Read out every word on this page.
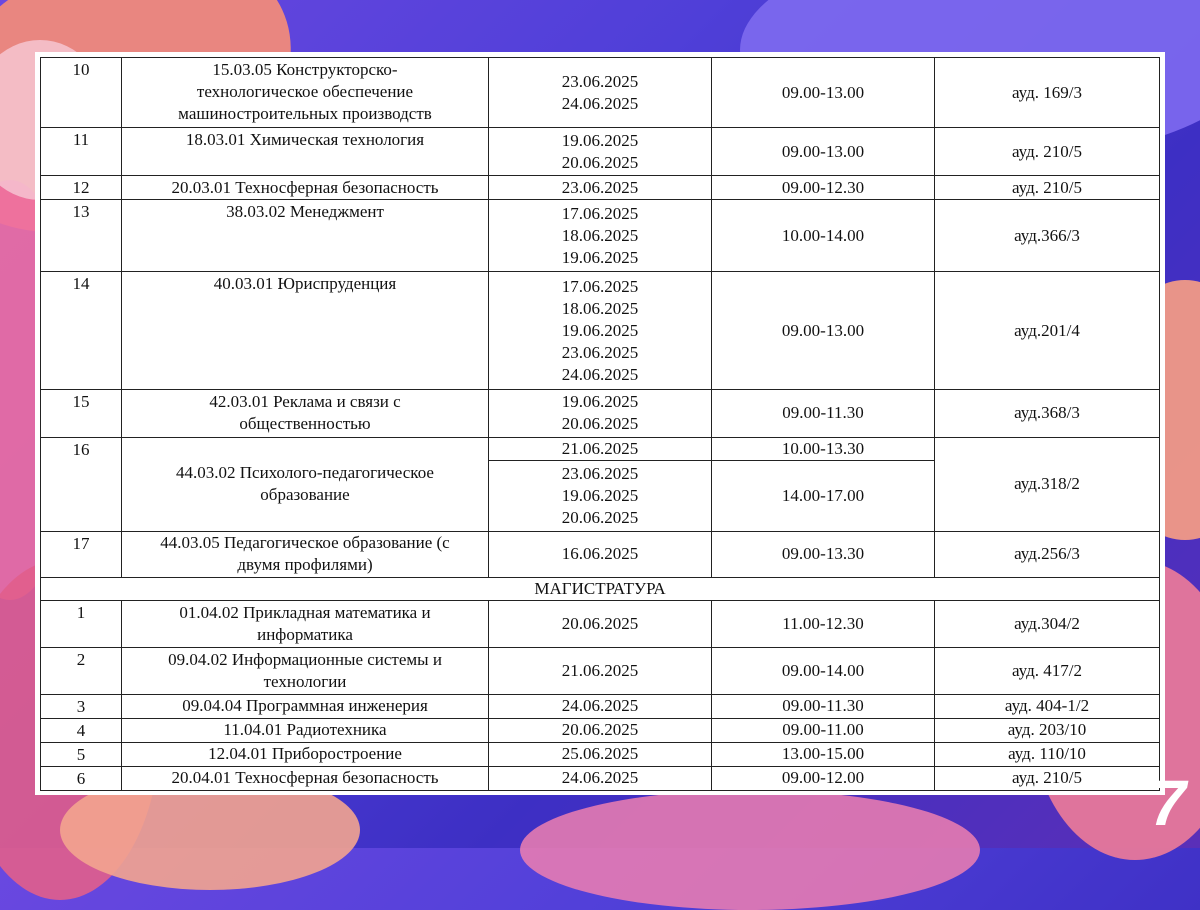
10	15.03.05 Конструкторско-
технологическое обеспечение
машиностроительных производств	23.06.2025
24.06.2025	09.00-13.00	ауд. 169/3

11	18.03.01 Химическая технология	19.06.2025
20.06.2025	09.00-13.00	ауд. 210/5

12	20.03.01 Техносферная безопасность	23.06.2025	09.00-12.30	ауд. 210/5

13	38.03.02 Менеджмент	17.06.2025
18.06.2025
19.06.2025	10.00-14.00	ауд.366/3

14	40.03.01 Юриспруденция	17.06.2025
18.06.2025
19.06.2025
23.06.2025
24.06.2025	09.00-13.00	ауд.201/4

15	42.03.01 Реклама и связи с
общественностью	19.06.2025
20.06.2025	09.00-11.30	ауд.368/3

16	44.03.02 Психолого-педагогическое
образование	21.06.2025	10.00-13.30	ауд.318/2

		23.06.2025
19.06.2025
20.06.2025	14.00-17.00	

17	44.03.05 Педагогическое образование (с
двумя профилями)	16.06.2025	09.00-13.30	ауд.256/3

МАГИСТРАТУРА				

1	01.04.02 Прикладная математика и
информатика	20.06.2025	11.00-12.30	ауд.304/2

2	09.04.02 Информационные системы и
технологии	21.06.2025	09.00-14.00	ауд. 417/2

3	09.04.04 Программная инженерия	24.06.2025	09.00-11.30	ауд. 404-1/2

4	11.04.01 Радиотехника	20.06.2025	09.00-11.00	ауд. 203/10

5	12.04.01 Приборостроение	25.06.2025	13.00-15.00	ауд. 110/10

6	20.04.01 Техносферная безопасность	24.06.2025	09.00-12.00	ауд. 210/5	7
